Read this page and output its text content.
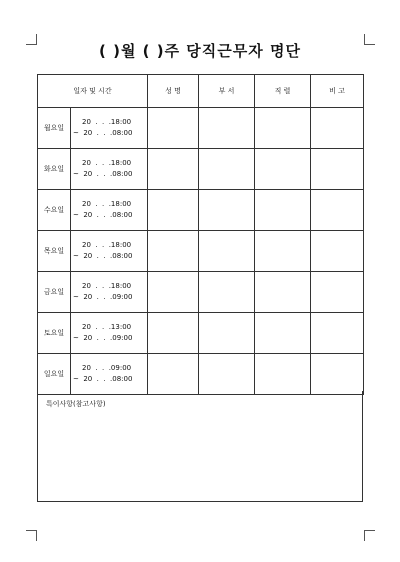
( )월 ( )주 당직근무자 명단
일자 및 시간		성 명	부 서	직 렬	비 고
월요일	20  .  .  .18:00
~  20  .  .  .08:00				

화요일	20  .  .  .18:00
~  20  .  .  .08:00				

수요일	20  .  .  .18:00
~  20  .  .  .08:00				

목요일	20  .  .  .18:00
~  20  .  .  .08:00				

금요일	20  .  .  .18:00
~  20  .  .  .09:00				

토요일	20  .  .  .13:00
~  20  .  .  .09:00				

일요일	20  .  .  .09:00
~  20  .  .  .08:00				

특이사항(참고사항)
